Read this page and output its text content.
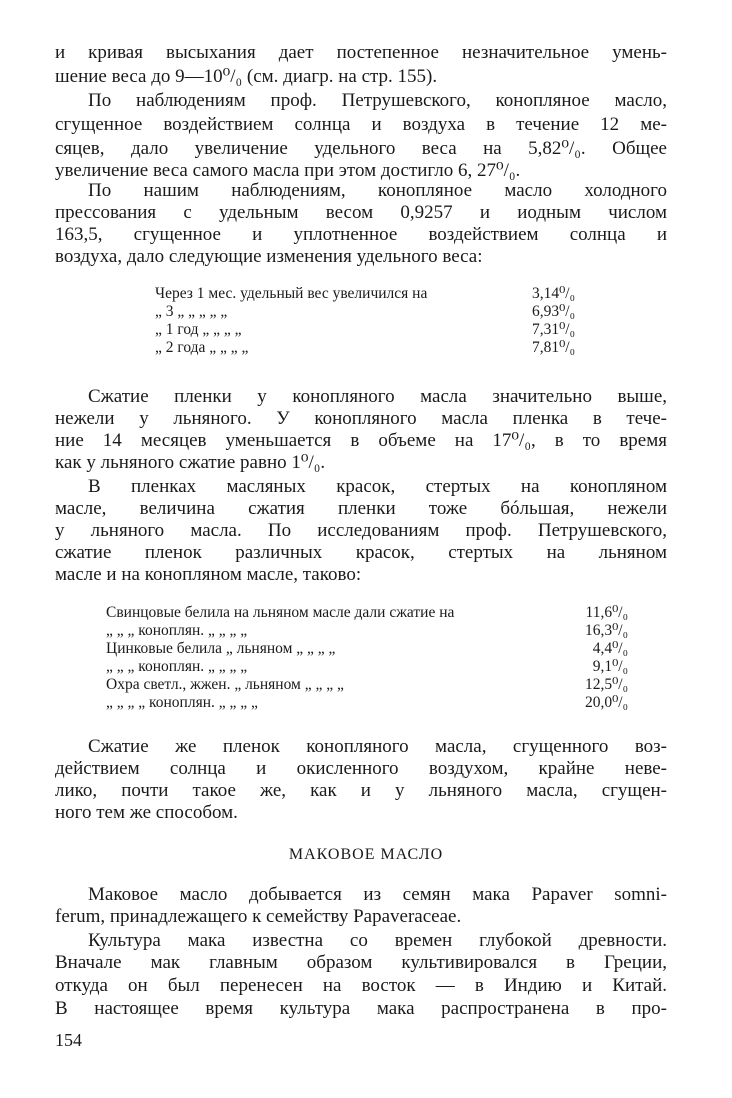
и кривая высыхания дает постепенное незначительное умень-
шение веса до 9—10⁰/₀ (см. диагр. на стр. 155).
По наблюдениям проф. Петрушевского, конопляное масло,
сгущенное воздействием солнца и воздуха в течение 12 ме-
сяцев, дало увеличение удельного веса на 5,82⁰/₀. Общее
увеличение веса самого масла при этом достигло 6, 27⁰/₀.
По нашим наблюдениям, конопляное масло холодного
прессования с удельным весом 0,9257 и иодным числом
163,5, сгущенное и уплотненное воздействием солнца и
воздуха, дало следующие изменения удельного веса:
Через 1 мес. удельный вес увеличился на	3,14⁰/₀
„ 3 „ „ „ „ „	6,93⁰/₀
„ 1 год „ „ „ „	7,31⁰/₀
„ 2 года „ „ „ „	7,81⁰/₀
Сжатие пленки у конопляного масла значительно выше,
нежели у льняного. У конопляного масла пленка в тече-
ние 14 месяцев уменьшается в объеме на 17⁰/₀, в то время
как у льняного сжатие равно 1⁰/₀.
В пленках масляных красок, стертых на конопляном
масле, величина сжатия пленки тоже бóльшая, нежели
у льняного масла. По исследованиям проф. Петрушевского,
сжатие пленок различных красок, стертых на льняном
масле и на конопляном масле, таково:
Свинцовые белила на льняном масле дали сжатие на	11,6⁰/₀
„ „ „ коноплян. „ „ „ „	16,3⁰/₀
Цинковые белила „ льняном „ „ „ „	4,4⁰/₀
„ „ „ коноплян. „ „ „ „	9,1⁰/₀
Охра светл., жжен. „ льняном „ „ „ „	12,5⁰/₀
„ „ „ „ коноплян. „ „ „ „	20,0⁰/₀
Сжатие же пленок конопляного масла, сгущенного воз-
действием солнца и окисленного воздухом, крайне неве-
лико, почти такое же, как и у льняного масла, сгущен-
ного тем же способом.
МАКОВОЕ МАСЛО
Маковое масло добывается из семян мака Papaver somni-
ferum, принадлежащего к семейству Papaveraceae.
Культура мака известна со времен глубокой древности.
Вначале мак главным образом культивировался в Греции,
откуда он был перенесен на восток — в Индию и Китай.
В настоящее время культура мака распространена в про-
154
